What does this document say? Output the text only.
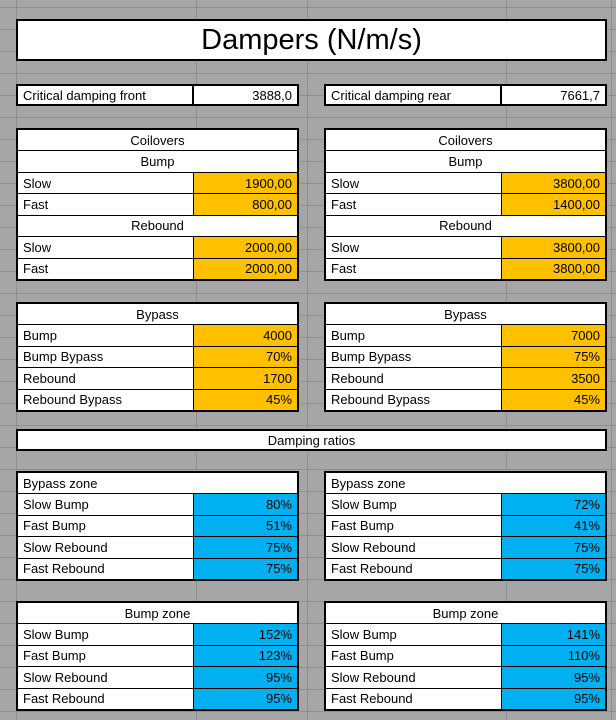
Dampers (N/m/s)
Critical damping front	3888,0	Critical damping rear	7661,7
Coilovers
Bump
Slow	1900,00
Fast	800,00
Rebound
Slow	2000,00
Fast	2000,00
Coilovers
Bump
Slow	3800,00
Fast	1400,00
Rebound
Slow	3800,00
Fast	3800,00
Bypass
Bump	4000
Bump Bypass	70%
Rebound	1700
Rebound Bypass	45%
Bypass
Bump	7000
Bump Bypass	75%
Rebound	3500
Rebound Bypass	45%
Damping ratios
Bypass zone
Slow Bump	80%
Fast Bump	51%
Slow Rebound	75%
Fast Rebound	75%
Bypass zone
Slow Bump	72%
Fast Bump	41%
Slow Rebound	75%
Fast Rebound	75%
Bump zone
Slow Bump	152%
Fast Bump	123%
Slow Rebound	95%
Fast Rebound	95%
Bump zone
Slow Bump	141%
Fast Bump	110%
Slow Rebound	95%
Fast Rebound	95%
